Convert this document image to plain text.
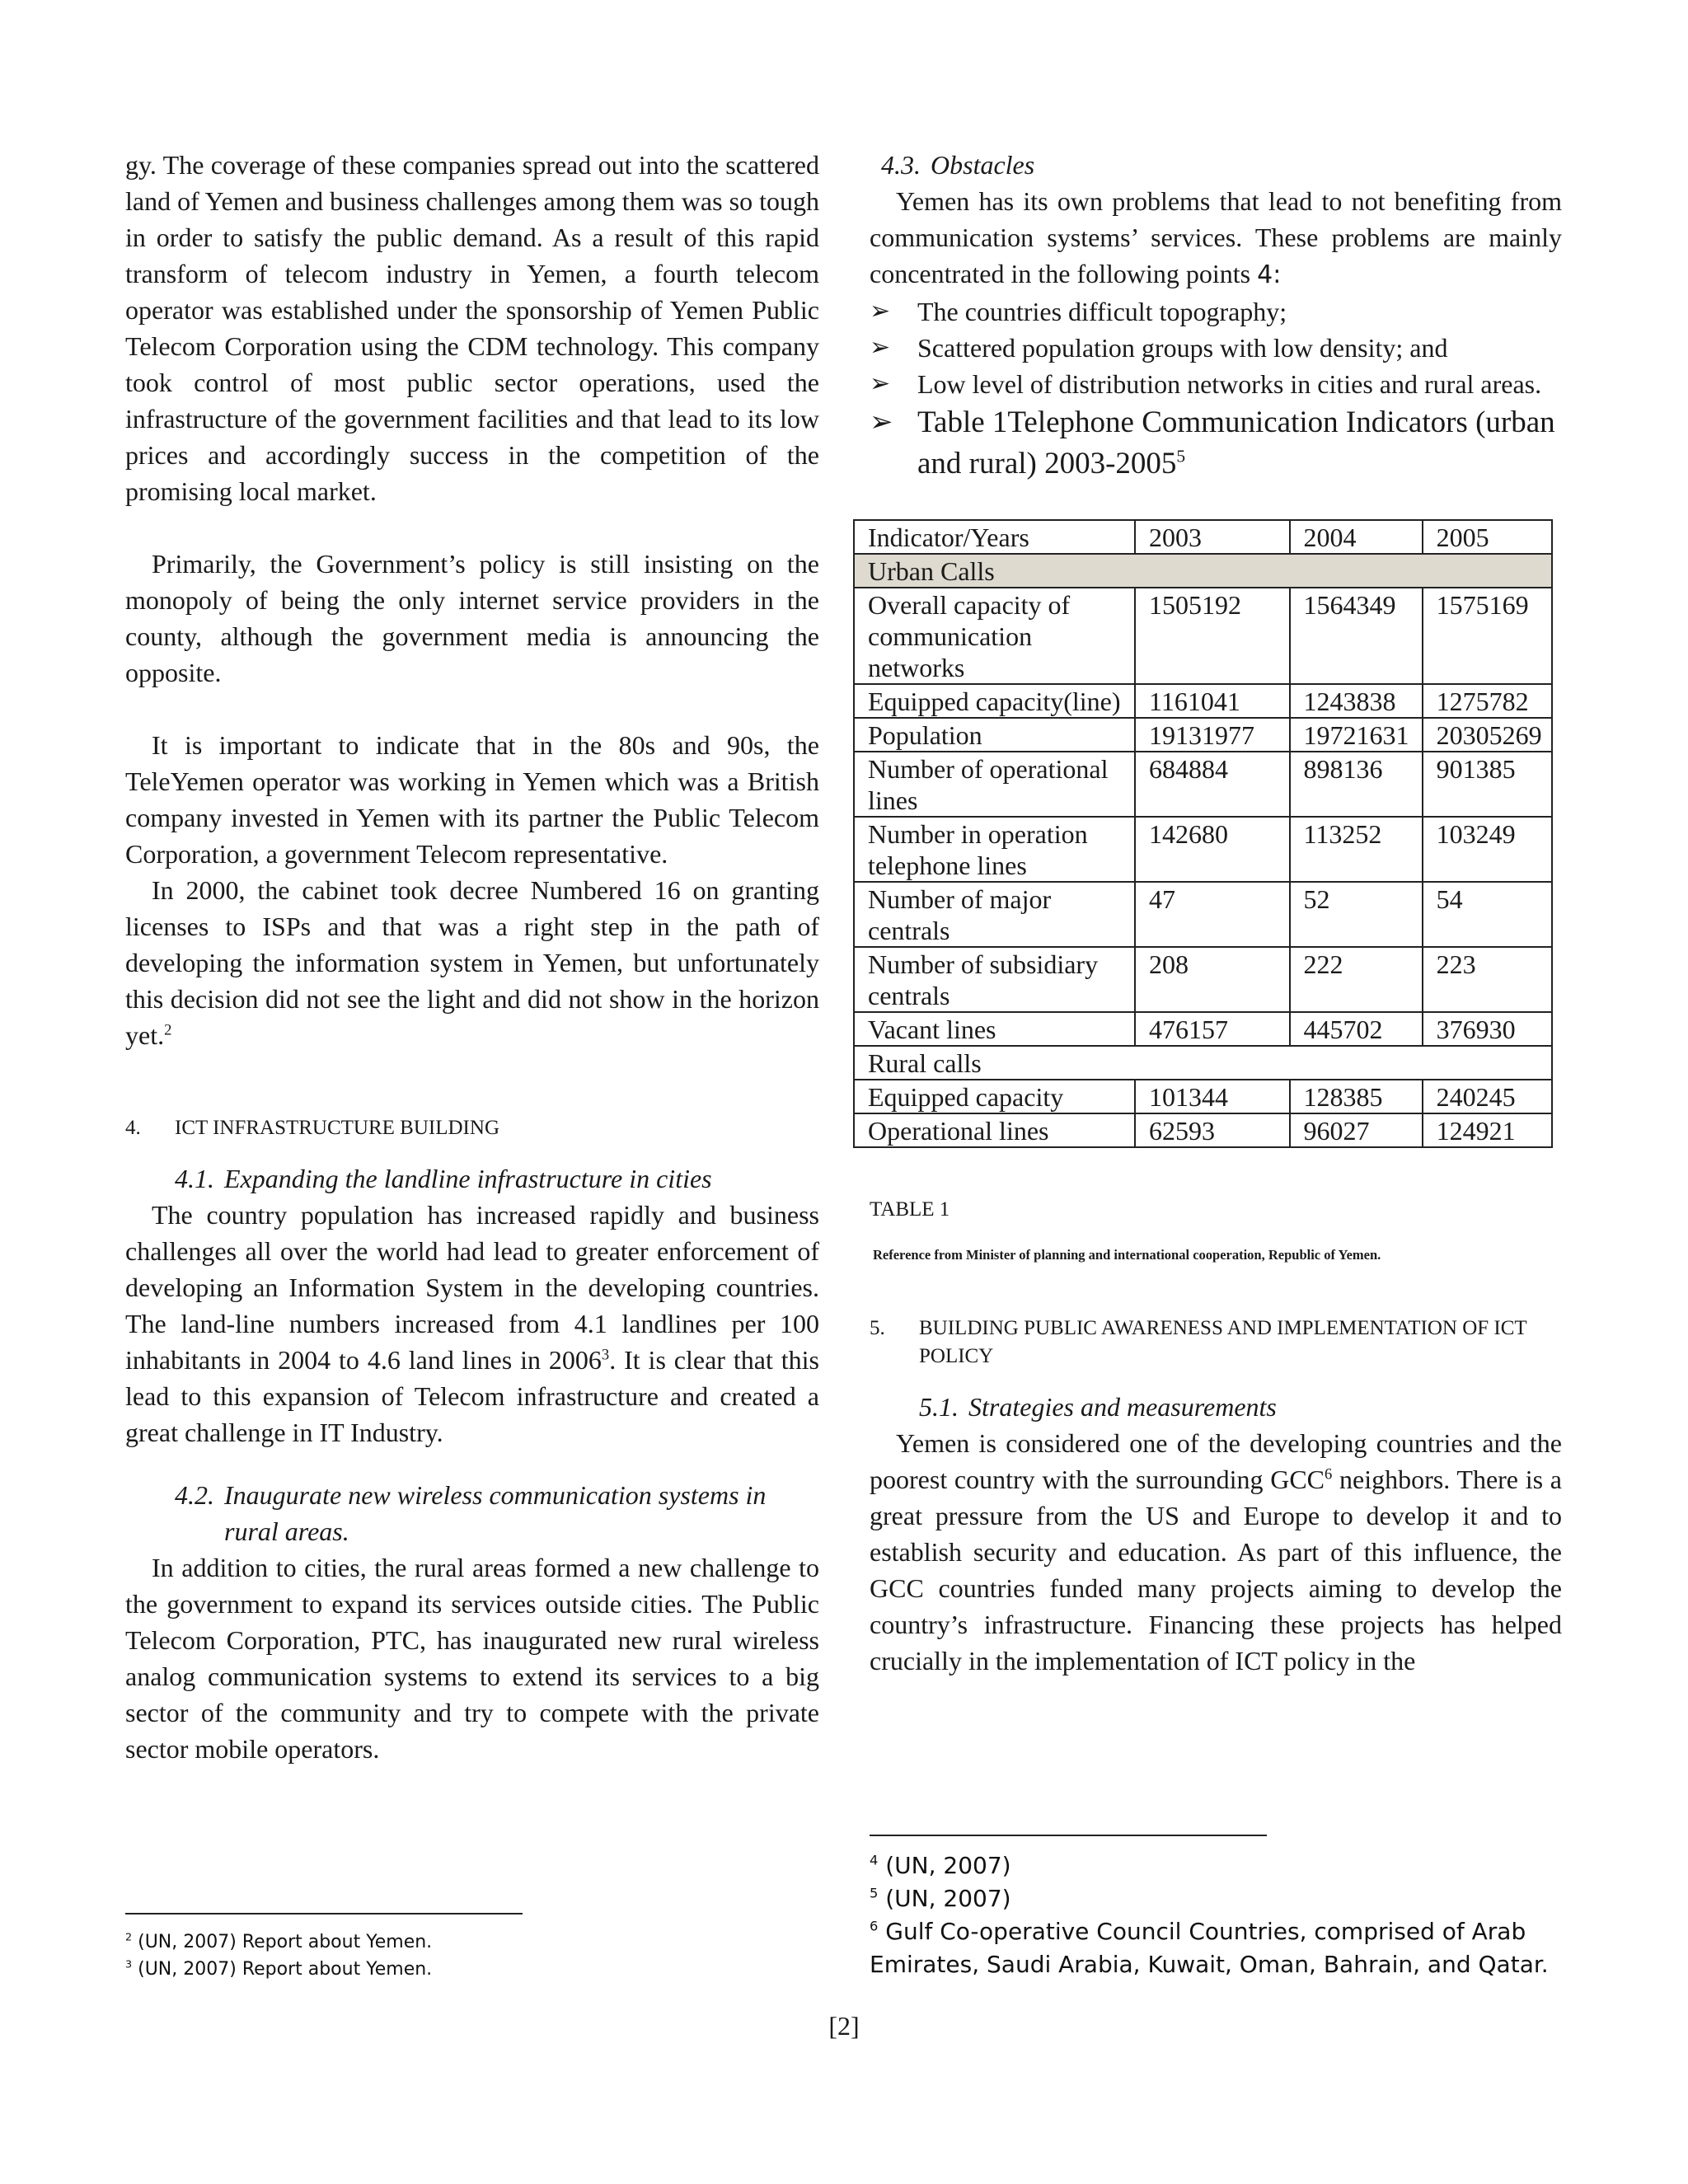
gy. The coverage of these companies spread out into the scattered land of Yemen and business challenges among them was so tough in order to satisfy the public demand. As a result of this rapid transform of telecom industry in Yemen, a fourth telecom operator was established under the sponsorship of Yemen Public Telecom Corporation using the CDM technology. This company took control of most public sector operations, used the infrastructure of the government facilities and that lead to its low prices and accordingly success in the competition of the promising local market.

Primarily, the Government’s policy is still insisting on the monopoly of being the only internet service providers in the county, although the government media is announcing the opposite.

It is important to indicate that in the 80s and 90s, the TeleYemen operator was working in Yemen which was a British company invested in Yemen with its partner the Public Telecom Corporation, a government Telecom representative.

In 2000, the cabinet took decree Numbered 16 on granting licenses to ISPs and that was a right step in the path of developing the information system in Yemen, but unfortunately this decision did not see the light and did not show in the horizon yet.$^2$

4.	ICT INFRASTRUCTURE BUILDING
4.1. Expanding the landline infrastructure in cities

The country population has increased rapidly and business challenges all over the world had lead to greater enforcement of developing an Information System in the developing countries. The land-line numbers increased from 4.1 landlines per 100 inhabitants in 2004 to 4.6 land lines in 2006$^3$. It is clear that this lead to this expansion of Telecom infrastructure and created a great challenge in IT Industry.

4.2. Inaugurate new wireless communication systems in rural areas.

In addition to cities, the rural areas formed a new challenge to the government to expand its services outside cities. The Public Telecom Corporation, PTC, has inaugurated new rural wireless analog communication systems to extend its services to a big sector of the community and try to compete with the private sector mobile operators.

$^2$ (UN, 2007) Report about Yemen.
$^3$ (UN, 2007) Report about Yemen.
4.3. Obstacles

Yemen has its own problems that lead to not benefiting from communication systems’ services. These problems are mainly concentrated in the following points 4:

➢	The countries difficult topography;
➢	Scattered population groups with low density; and
➢	Low level of distribution networks in cities and rural areas.
➢ Table 1Telephone Communication Indicators (urban and rural) 2003-2005$^5$
Indicator/Years	2003	2004	2005
Urban Calls			
Overall capacity of communication networks	1505192	1564349	1575169
Equipped capacity(line)	1161041	1243838	1275782
Population	19131977	19721631	20305269
Number of operational lines	684884	898136	901385
Number in operation telephone lines	142680	113252	103249
Number of major centrals	47	52	54
Number of subsidiary centrals	208	222	223
Vacant lines	476157	445702	376930
Rural calls			
Equipped capacity	101344	128385	240245
Operational lines	62593	96027	124921
TABLE 1
Reference from Minister of planning and international cooperation, Republic of Yemen.
5.	BUILDING PUBLIC AWARENESS AND IMPLEMENTATION OF ICT POLICY
5.1. Strategies and measurements

Yemen is considered one of the developing countries and the poorest country with the surrounding GCC$^6$ neighbors. There is a great pressure from the US and Europe to develop it and to establish security and education. As part of this influence, the GCC countries funded many projects aiming to develop the country’s infrastructure. Financing these projects has helped crucially in the implementation of ICT policy in the

$^4$ (UN, 2007)
$^5$ (UN, 2007)
$^6$ Gulf Co-operative Council Countries, comprised of Arab Emirates, Saudi Arabia, Kuwait, Oman, Bahrain, and Qatar.
[2]
